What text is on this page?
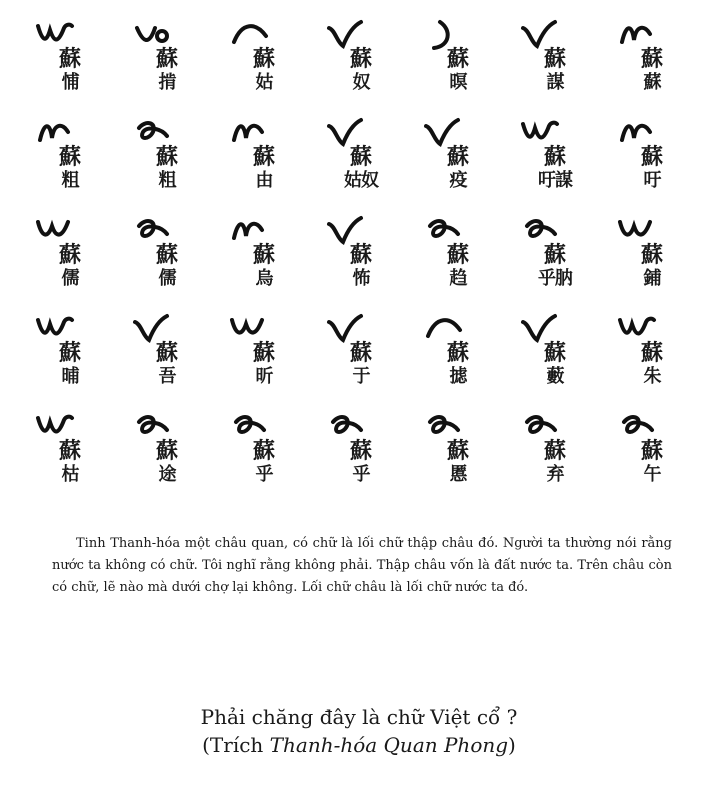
蘇
蘇
蘇
謀
蘇
暝
蘇
奴
蘇
姑
蘇
掯
蘇
悑
蘇
吁
蘇
吁謀
蘇
疫
蘇
姑奴
蘇
由
蘇
粗
蘇
粗
蘇
鋪
蘇
乎肭
蘇
趋
蘇
怖
蘇
烏
蘇
儒
蘇
儒
蘇
朱
蘇
藪
蘇
摅
蘇
于
蘇
昕
蘇
吾
蘇
晡
蘇
午
蘇
弃
蘇
慝
蘇
乎
蘇
乎
蘇
途
蘇
枯

Tinh Thanh-hóa một châu quan, có chữ là lối chữ thập châu đó. Người ta thường nói rằng nước ta không có chữ. Tôi nghĩ rằng không phải. Thập châu vốn là đất nước ta. Trên châu còn có chữ, lẽ nào mà dưới chợ lại không. Lối chữ châu là lối chữ nước ta đó.

Phải chăng đây là chữ Việt cổ ?
(Trích Thanh-hóa Quan Phong)
